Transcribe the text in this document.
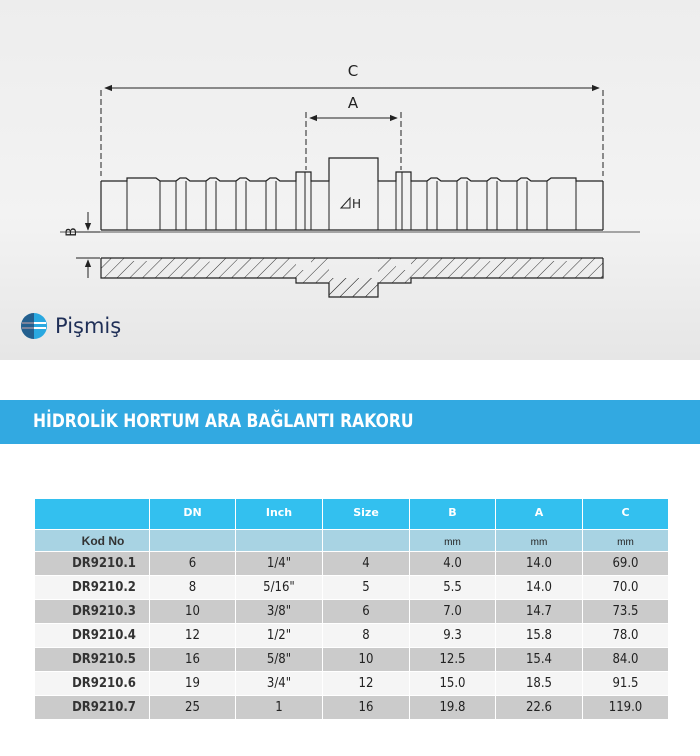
C
A
B
H
Pişmiş
HİDROLİK HORTUM ARA BAĞLANTI RAKORU
	DN	Inch	Size	B	A	C
Kod No				mm	mm	mm
DR9210.1	6	1/4"	4	4.0	14.0	69.0
DR9210.2	8	5/16"	5	5.5	14.0	70.0
DR9210.3	10	3/8"	6	7.0	14.7	73.5
DR9210.4	12	1/2"	8	9.3	15.8	78.0
DR9210.5	16	5/8"	10	12.5	15.4	84.0
DR9210.6	19	3/4"	12	15.0	18.5	91.5
DR9210.7	25	1	16	19.8	22.6	119.0
